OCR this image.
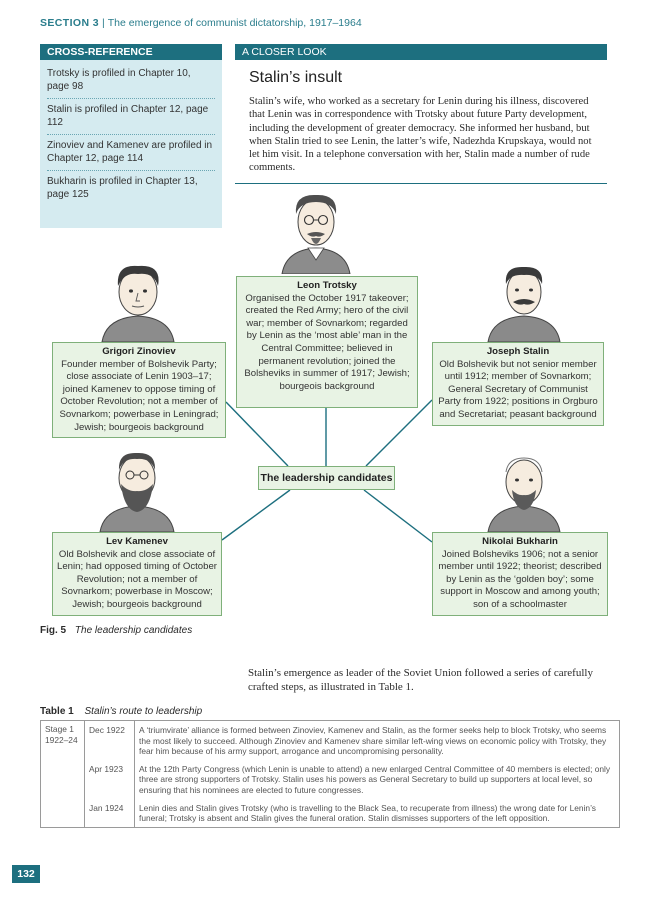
SECTION 3 | The emergence of communist dictatorship, 1917–1964
CROSS-REFERENCE
Trotsky is profiled in Chapter 10, page 98
Stalin is profiled in Chapter 12, page 112
Zinoviev and Kamenev are profiled in Chapter 12, page 114
Bukharin is profiled in Chapter 13, page 125
A CLOSER LOOK
Stalin’s insult
Stalin’s wife, who worked as a secretary for Lenin during his illness, discovered that Lenin was in correspondence with Trotsky about future Party development, including the development of greater democracy. She informed her husband, but when Stalin tried to see Lenin, the latter’s wife, Nadezhda Krupskaya, would not let him visit. In a telephone conversation with her, Stalin made a number of rude comments.
Leon Trotsky
Organised the October 1917 takeover; created the Red Army; hero of the civil war; member of Sovnarkom; regarded by Lenin as the ‘most able’ man in the Central Committee; believed in permanent revolution; joined the Bolsheviks in summer of 1917; Jewish; bourgeois background
Grigori Zinoviev
Founder member of Bolshevik Party; close associate of Lenin 1903–17; joined Kamenev to oppose timing of October Revolution; not a member of Sovnarkom; powerbase in Leningrad; Jewish; bourgeois background
Joseph Stalin
Old Bolshevik but not senior member until 1912; member of Sovnarkom; General Secretary of Communist Party from 1922; positions in Orgburo and Secretariat; peasant background
The leadership candidates
Lev Kamenev
Old Bolshevik and close associate of Lenin; had opposed timing of October Revolution; not a member of Sovnarkom; powerbase in Moscow; Jewish; bourgeois background
Nikolai Bukharin
Joined Bolsheviks 1906; not a senior member until 1922; theorist; described by Lenin as the ‘golden boy’; some support in Moscow and among youth; son of a schoolmaster
Fig. 5 The leadership candidates
Stalin’s emergence as leader of the Soviet Union followed a series of carefully crafted steps, as illustrated in Table 1.
Table 1 Stalin’s route to leadership
Stage 1
1922–24	Dec 1922	A ‘triumvirate’ alliance is formed between Zinoviev, Kamenev and Stalin, as the former seeks help to block Trotsky, who seems the most likely to succeed. Although Zinoviev and Kamenev share similar left-wing views on economic policy with Trotsky, they fear him because of his army support, arrogance and uncompromising personality.
	Apr 1923	At the 12th Party Congress (which Lenin is unable to attend) a new enlarged Central Committee of 40 members is elected; only three are strong supporters of Trotsky. Stalin uses his powers as General Secretary to build up supporters at local level, so ensuring that his nominees are elected to future congresses.
	Jan 1924	Lenin dies and Stalin gives Trotsky (who is travelling to the Black Sea, to recuperate from illness) the wrong date for Lenin’s funeral; Trotsky is absent and Stalin gives the funeral oration. Stalin dismisses supporters of the left opposition.
132
